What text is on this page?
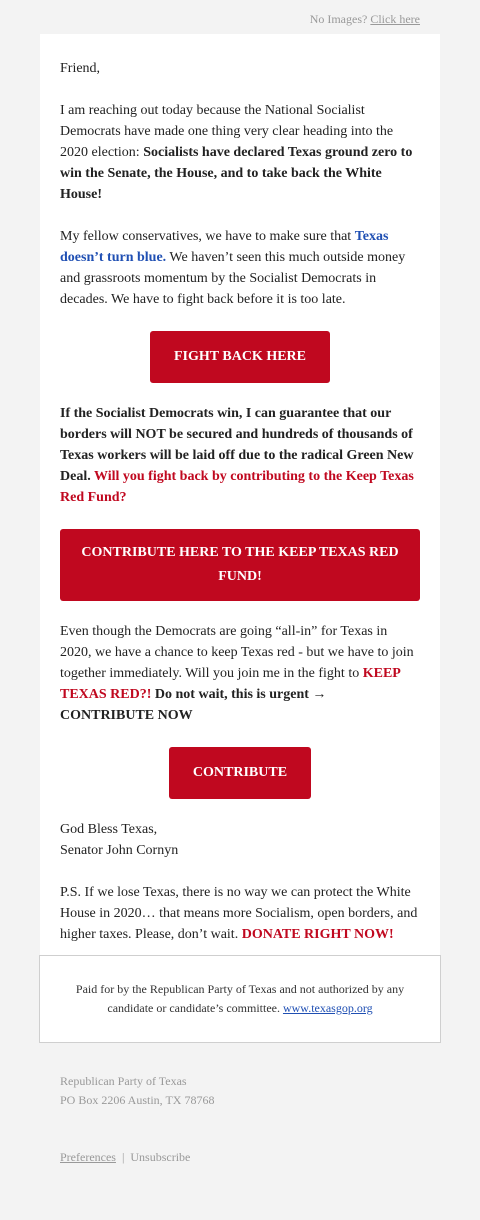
No Images? Click here

Friend,

I am reaching out today because the National Socialist Democrats have made one thing very clear heading into the 2020 election: Socialists have declared Texas ground zero to win the Senate, the House, and to take back the White House!

My fellow conservatives, we have to make sure that Texas doesn’t turn blue. We haven’t seen this much outside money and grassroots momentum by the Socialist Democrats in decades. We have to fight back before it is too late.

FIGHT BACK HERE

If the Socialist Democrats win, I can guarantee that our borders will NOT be secured and hundreds of thousands of Texas workers will be laid off due to the radical Green New Deal. Will you fight back by contributing to the Keep Texas Red Fund?

CONTRIBUTE HERE TO THE KEEP TEXAS RED FUND!

Even though the Democrats are going “all-in” for Texas in 2020, we have a chance to keep Texas red - but we have to join together immediately. Will you join me in the fight to KEEP TEXAS RED?! Do not wait, this is urgent → CONTRIBUTE NOW

CONTRIBUTE

God Bless Texas,
Senator John Cornyn

P.S. If we lose Texas, there is no way we can protect the White House in 2020… that means more Socialism, open borders, and higher taxes. Please, don’t wait. DONATE RIGHT NOW!

Paid for by the Republican Party of Texas and not authorized by any candidate or candidate’s committee. www.texasgop.org
Republican Party of Texas
PO Box 2206 Austin, TX 78768
Preferences | Unsubscribe
